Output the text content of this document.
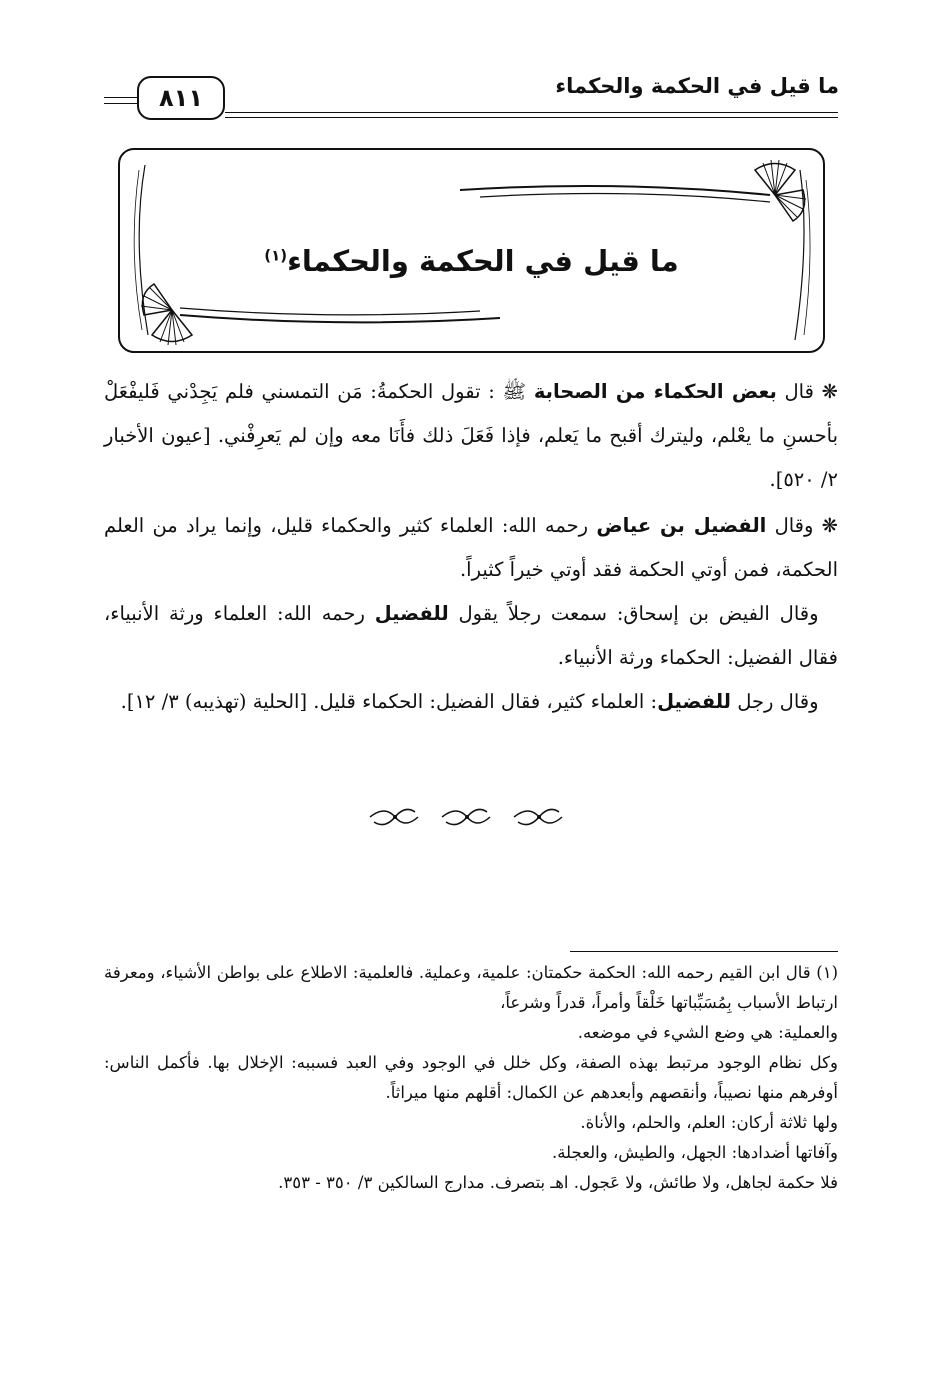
ما قيل في الحكمة والحكماء
٨١١
ما قيل في الحكمة والحكماء$^{(١)}$

❋ قال بعض الحكماء من الصحابة ﷺ : تقول الحكمةُ: مَن التمسني فلم يَجِدْني فَليفْعَلْ بأحسنِ ما يعْلم، وليترك أقبح ما يَعلم، فإذا فَعَلَ ذلك فأَنَا معه وإن لم يَعرِفْني. [عيون الأخبار ٢/ ٥٢٠].

❋ وقال الفضيل بن عياض رحمه الله: العلماء كثير والحكماء قليل، وإنما يراد من العلم الحكمة، فمن أوتي الحكمة فقد أوتي خيراً كثيراً.

 وقال الفيض بن إسحاق: سمعت رجلاً يقول للفضيل رحمه الله: العلماء ورثة الأنبياء، فقال الفضيل: الحكماء ورثة الأنبياء.

 وقال رجل للفضيل: العلماء كثير، فقال الفضيل: الحكماء قليل. [الحلية (تهذيبه) ٣/ ١٢].

(١) قال ابن القيم رحمه الله: الحكمة حكمتان: علمية، وعملية. فالعلمية: الاطلاع على بواطن الأشياء، ومعرفة ارتباط الأسباب بِمُسَبِّباتها خَلْقاً وأمراً، قدراً وشرعاً،

والعملية: هي وضع الشيء في موضعه.

وكل نظام الوجود مرتبط بهذه الصفة، وكل خلل في الوجود وفي العبد فسببه: الإخلال بها. فأكمل الناس: أوفرهم منها نصيباً، وأنقصهم وأبعدهم عن الكمال: أقلهم منها ميراثاً.

ولها ثلاثة أركان: العلم، والحلم، والأناة.

وآفاتها أضدادها: الجهل، والطيش، والعجلة.

فلا حكمة لجاهل، ولا طائش، ولا عَجول. اهـ بتصرف. مدارج السالكين ٣/ ٣٥٠ - ٣٥٣.
